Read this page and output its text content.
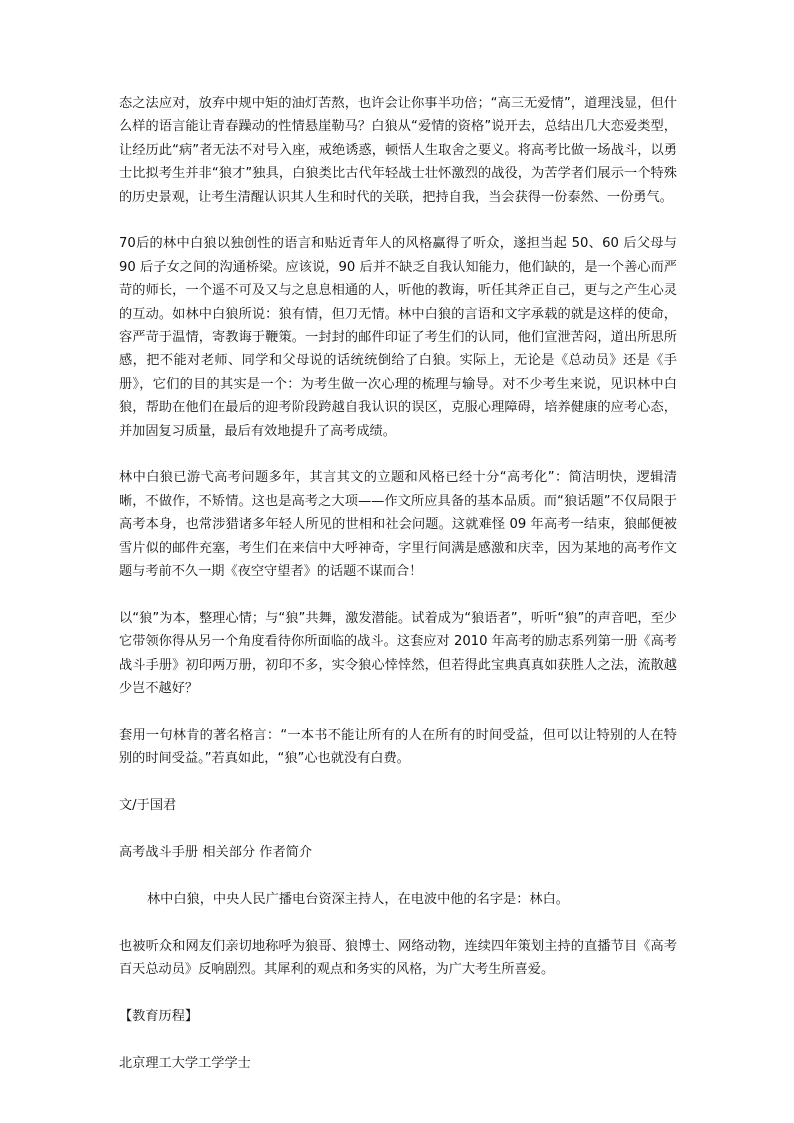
态之法应对，放弃中规中矩的油灯苦熬，也许会让你事半功倍；“高三无爱情”，道理浅显，但什么样的语言能让青春躁动的性情悬崖勒马？白狼从“爱情的资格”说开去，总结出几大恋爱类型，让经历此“病”者无法不对号入座，戒绝诱惑，顿悟人生取舍之要义。将高考比做一场战斗，以勇士比拟考生并非“狼才”独具，白狼类比古代年轻战士壮怀激烈的战役，为苦学者们展示一个特殊的历史景观，让考生清醒认识其人生和时代的关联，把持自我，当会获得一份泰然、一份勇气。

70后的林中白狼以独创性的语言和贴近青年人的风格赢得了听众，遂担当起 50、60 后父母与 90 后子女之间的沟通桥梁。应该说，90 后并不缺乏自我认知能力，他们缺的，是一个善心而严苛的师长，一个遥不可及又与之息息相通的人，听他的教诲，听任其斧正自己，更与之产生心灵的互动。如林中白狼所说：狼有情，但刀无情。林中白狼的言语和文字承载的就是这样的使命，容严苛于温情，寄教诲于鞭策。一封封的邮件印证了考生们的认同，他们宣泄苦闷，道出所思所感，把不能对老师、同学和父母说的话统统倒给了白狼。实际上，无论是《总动员》还是《手册》，它们的目的其实是一个：为考生做一次心理的梳理与输导。对不少考生来说，见识林中白狼，帮助在他们在最后的迎考阶段跨越自我认识的误区，克服心理障碍，培养健康的应考心态，并加固复习质量，最后有效地提升了高考成绩。

林中白狼已游弋高考问题多年，其言其文的立题和风格已经十分“高考化”：简洁明快，逻辑清晰，不做作，不矫情。这也是高考之大项——作文所应具备的基本品质。而“狼话题”不仅局限于高考本身，也常涉猎诸多年轻人所见的世相和社会问题。这就难怪 09 年高考一结束，狼邮便被雪片似的邮件充塞，考生们在来信中大呼神奇，字里行间满是感激和庆幸，因为某地的高考作文题与考前不久一期《夜空守望者》的话题不谋而合！

以“狼”为本，整理心情；与“狼”共舞，激发潜能。试着成为“狼语者”，听听“狼”的声音吧，至少它带领你得从另一个角度看待你所面临的战斗。这套应对 2010 年高考的励志系列第一册《高考战斗手册》初印两万册，初印不多，实令狼心悻悻然，但若得此宝典真真如获胜人之法，流散越少岂不越好？

套用一句林肯的著名格言：“一本书不能让所有的人在所有的时间受益，但可以让特别的人在特别的时间受益。”若真如此，“狼”心也就没有白费。

文/于国君

高考战斗手册 相关部分 作者简介

林中白狼，中央人民广播电台资深主持人，在电波中他的名字是：林白。

也被听众和网友们亲切地称呼为狼哥、狼博士、网络动物，连续四年策划主持的直播节目《高考百天总动员》反响剧烈。其犀利的观点和务实的风格，为广大考生所喜爱。

【教育历程】

北京理工大学工学学士
